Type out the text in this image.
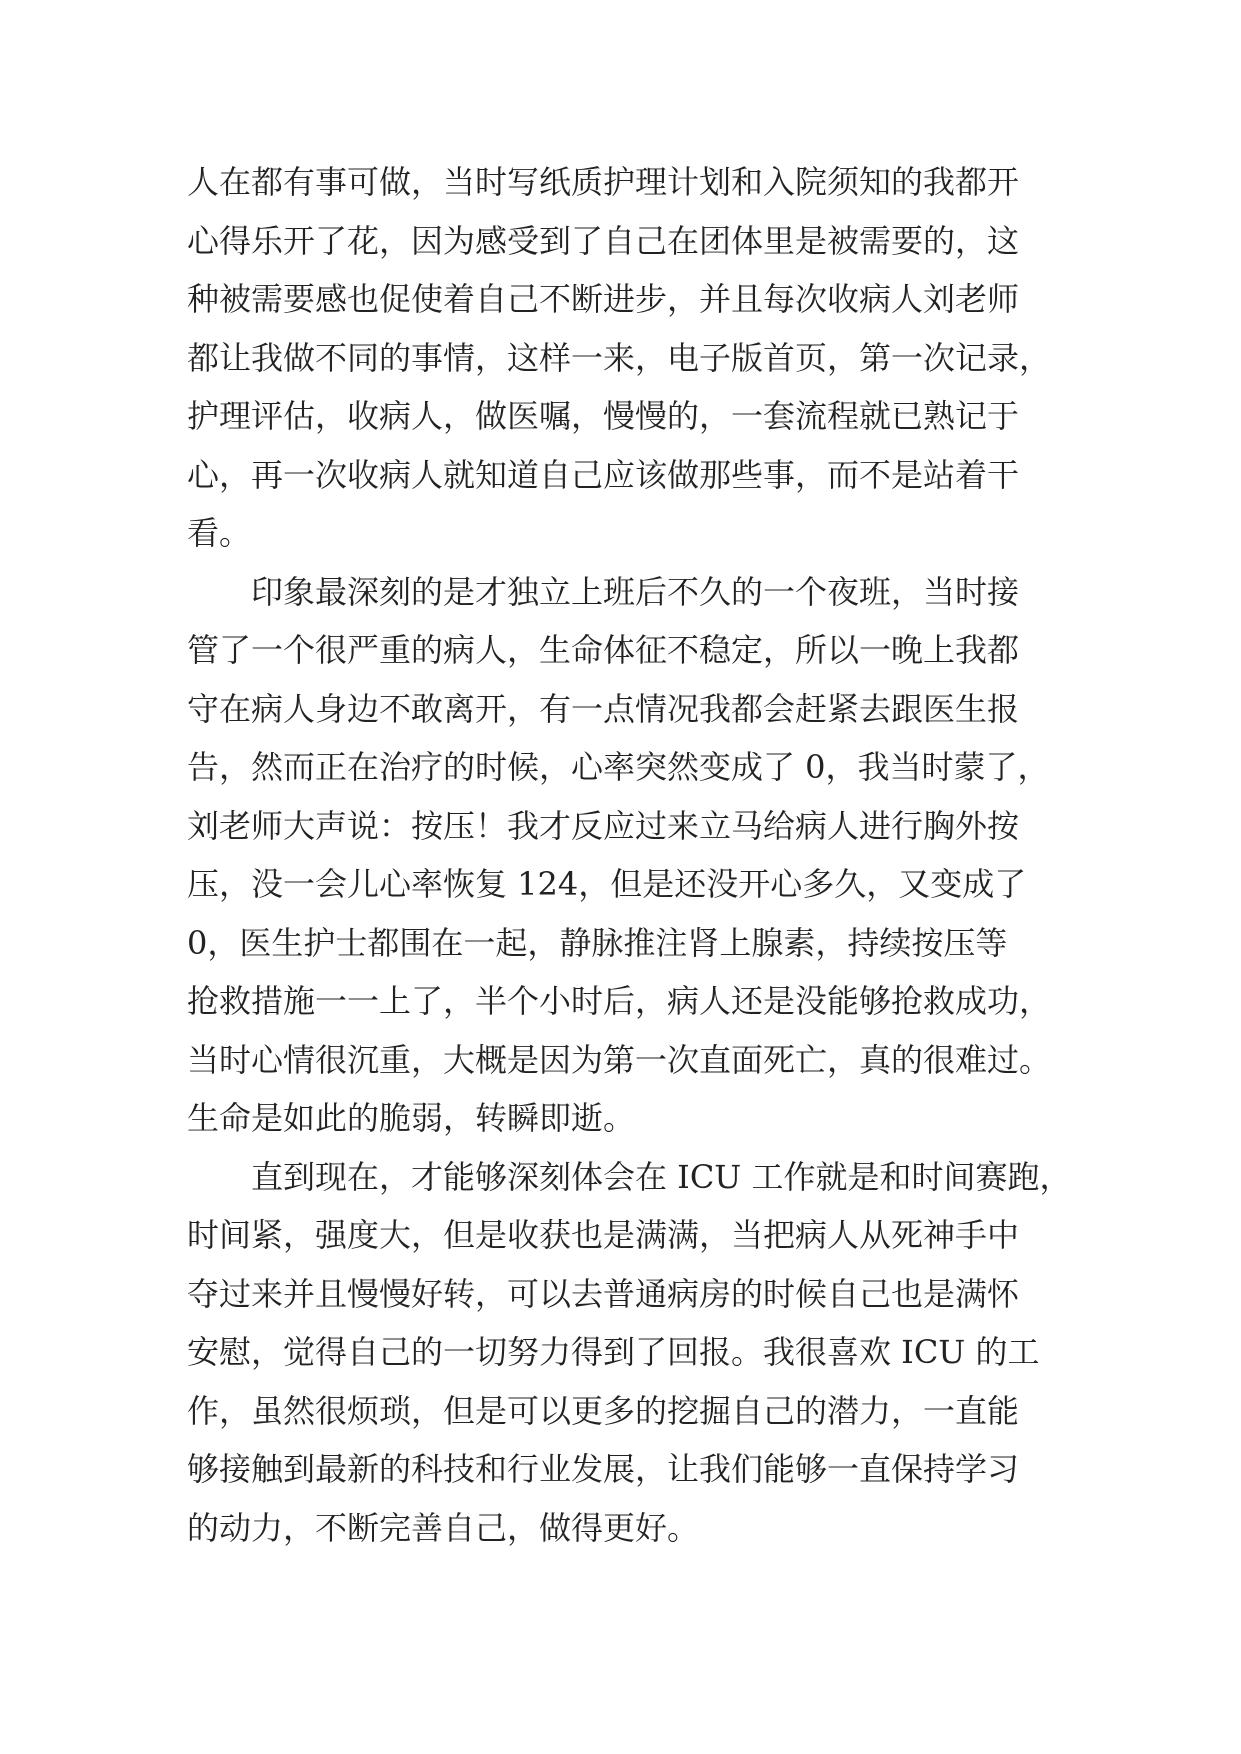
人在都有事可做，当时写纸质护理计划和入院须知的我都开
心得乐开了花，因为感受到了自己在团体里是被需要的，这
种被需要感也促使着自己不断进步，并且每次收病人刘老师
都让我做不同的事情，这样一来，电子版首页，第一次记录，
护理评估，收病人，做医嘱，慢慢的，一套流程就已熟记于
心，再一次收病人就知道自己应该做那些事，而不是站着干
看。
印象最深刻的是才独立上班后不久的一个夜班，当时接
管了一个很严重的病人，生命体征不稳定，所以一晚上我都
守在病人身边不敢离开，有一点情况我都会赶紧去跟医生报
告，然而正在治疗的时候，心率突然变成了 0，我当时蒙了，
刘老师大声说：按压！我才反应过来立马给病人进行胸外按
压，没一会儿心率恢复 124，但是还没开心多久，又变成了
0，医生护士都围在一起，静脉推注肾上腺素，持续按压等
抢救措施一一上了，半个小时后，病人还是没能够抢救成功，
当时心情很沉重，大概是因为第一次直面死亡，真的很难过。
生命是如此的脆弱，转瞬即逝。
直到现在，才能够深刻体会在 ICU 工作就是和时间赛跑，
时间紧，强度大，但是收获也是满满，当把病人从死神手中
夺过来并且慢慢好转，可以去普通病房的时候自己也是满怀
安慰，觉得自己的一切努力得到了回报。我很喜欢 ICU 的工
作，虽然很烦琐，但是可以更多的挖掘自己的潜力，一直能
够接触到最新的科技和行业发展，让我们能够一直保持学习
的动力，不断完善自己，做得更好。
